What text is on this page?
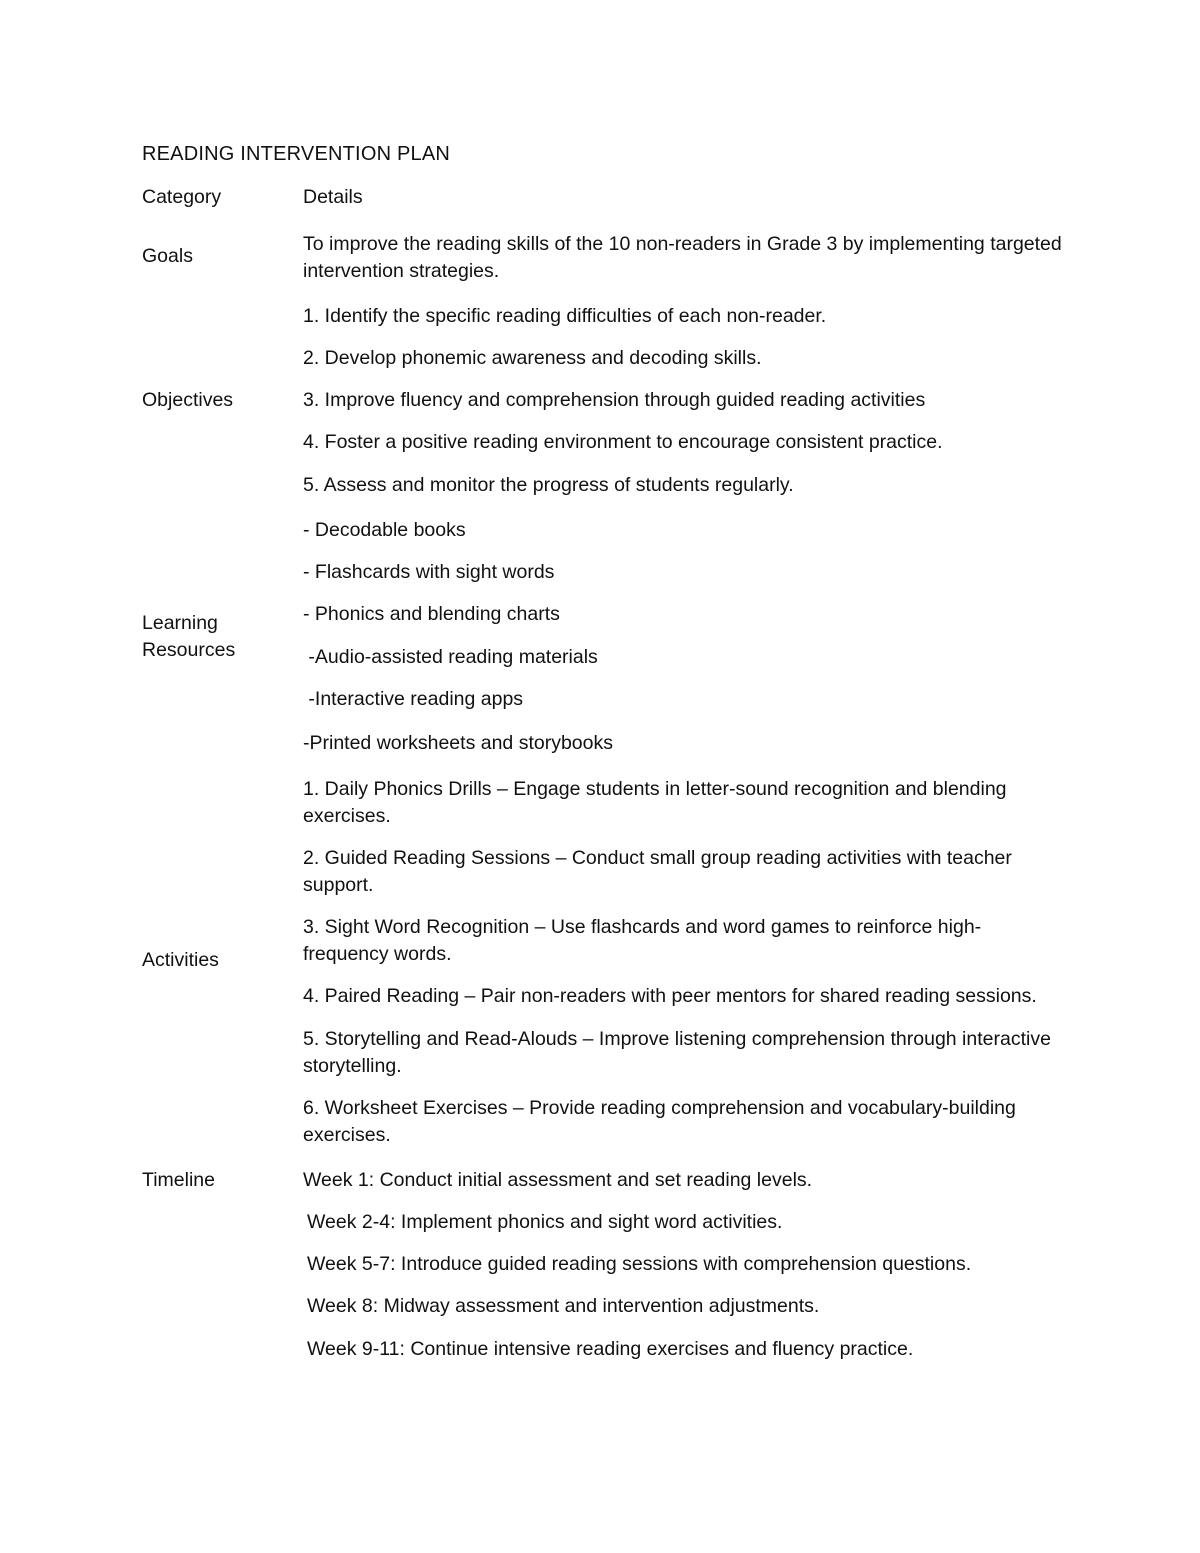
READING INTERVENTION PLAN
Category	Details
Goals
To improve the reading skills of the 10 non-readers in Grade 3 by implementing targeted intervention strategies.
Objectives
1. Identify the specific reading difficulties of each non-reader.
2. Develop phonemic awareness and decoding skills.
3. Improve fluency and comprehension through guided reading activities
4. Foster a positive reading environment to encourage consistent practice.
5. Assess and monitor the progress of students regularly.
Learning
Resources
- Decodable books
- Flashcards with sight words
- Phonics and blending charts
-Audio-assisted reading materials
-Interactive reading apps
-Printed worksheets and storybooks
Activities
1. Daily Phonics Drills – Engage students in letter-sound recognition and blending exercises.
2. Guided Reading Sessions – Conduct small group reading activities with teacher support.
3. Sight Word Recognition – Use flashcards and word games to reinforce high-frequency words.
4. Paired Reading – Pair non-readers with peer mentors for shared reading sessions.
5. Storytelling and Read-Alouds – Improve listening comprehension through interactive storytelling.
6. Worksheet Exercises – Provide reading comprehension and vocabulary-building exercises.
Timeline	Week 1: Conduct initial assessment and set reading levels.
Week 2-4: Implement phonics and sight word activities.
Week 5-7: Introduce guided reading sessions with comprehension questions.
Week 8: Midway assessment and intervention adjustments.
Week 9-11: Continue intensive reading exercises and fluency practice.
